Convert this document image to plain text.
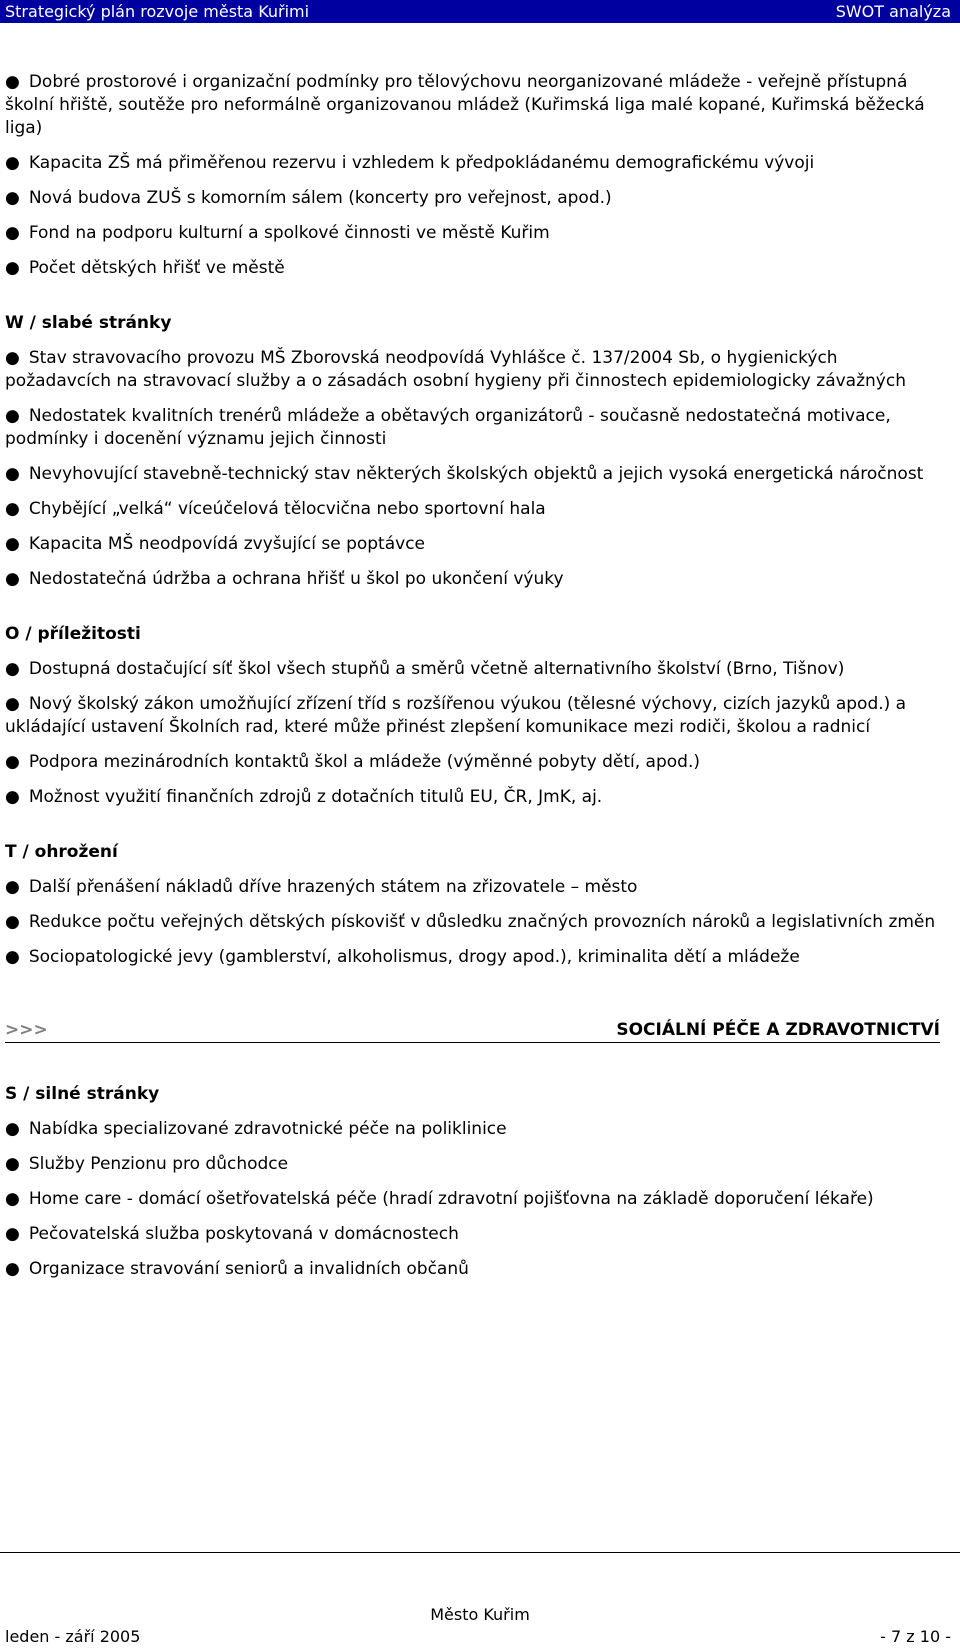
Strategický plán rozvoje města Kuřimi	SWOT analýza
● Dobré prostorové i organizační podmínky pro tělovýchovu neorganizované mládeže - veřejně přístupná školní hřiště, soutěže pro neformálně organizovanou mládež (Kuřimská liga malé kopané, Kuřimská běžecká liga)
● Kapacita ZŠ má přiměřenou rezervu i vzhledem k předpokládanému demografickému vývoji
● Nová budova ZUŠ s komorním sálem (koncerty pro veřejnost, apod.)
● Fond na podporu kulturní a spolkové činnosti ve městě Kuřim
● Počet dětských hřišť ve městě
W / slabé stránky
● Stav stravovacího provozu MŠ Zborovská neodpovídá Vyhlášce č. 137/2004 Sb, o hygienických požadavcích na stravovací služby a o zásadách osobní hygieny při činnostech epidemiologicky závažných
● Nedostatek kvalitních trenérů mládeže a obětavých organizátorů - současně nedostatečná motivace, podmínky i docenění významu jejich činnosti
● Nevyhovující stavebně-technický stav některých školských objektů a jejich vysoká energetická náročnost
● Chybějící „velká“ víceúčelová tělocvična nebo sportovní hala
● Kapacita MŠ neodpovídá zvyšující se poptávce
● Nedostatečná údržba a ochrana hřišť u škol po ukončení výuky
O / příležitosti
● Dostupná dostačující síť škol všech stupňů a směrů včetně alternativního školství (Brno, Tišnov)
● Nový školský zákon umožňující zřízení tříd s rozšířenou výukou (tělesné výchovy, cizích jazyků apod.) a ukládající ustavení Školních rad, které může přinést zlepšení komunikace mezi rodiči, školou a radnicí
● Podpora mezinárodních kontaktů škol a mládeže (výměnné pobyty dětí, apod.)
● Možnost využití finančních zdrojů z dotačních titulů EU, ČR, JmK, aj.
T / ohrožení
● Další přenášení nákladů dříve hrazených státem na zřizovatele – město
● Redukce počtu veřejných dětských pískovišť v důsledku značných provozních nároků a legislativních změn
● Sociopatologické jevy (gamblerství, alkoholismus, drogy apod.), kriminalita dětí a mládeže
>>>	SOCIÁLNÍ PÉČE A ZDRAVOTNICTVÍ
S / silné stránky
● Nabídka specializované zdravotnické péče na poliklinice
● Služby Penzionu pro důchodce
● Home care - domácí ošetřovatelská péče (hradí zdravotní pojišťovna na základě doporučení lékaře)
● Pečovatelská služba poskytovaná v domácnostech
● Organizace stravování seniorů a invalidních občanů
Město Kuřim
leden - září 2005	- 7 z 10 -
